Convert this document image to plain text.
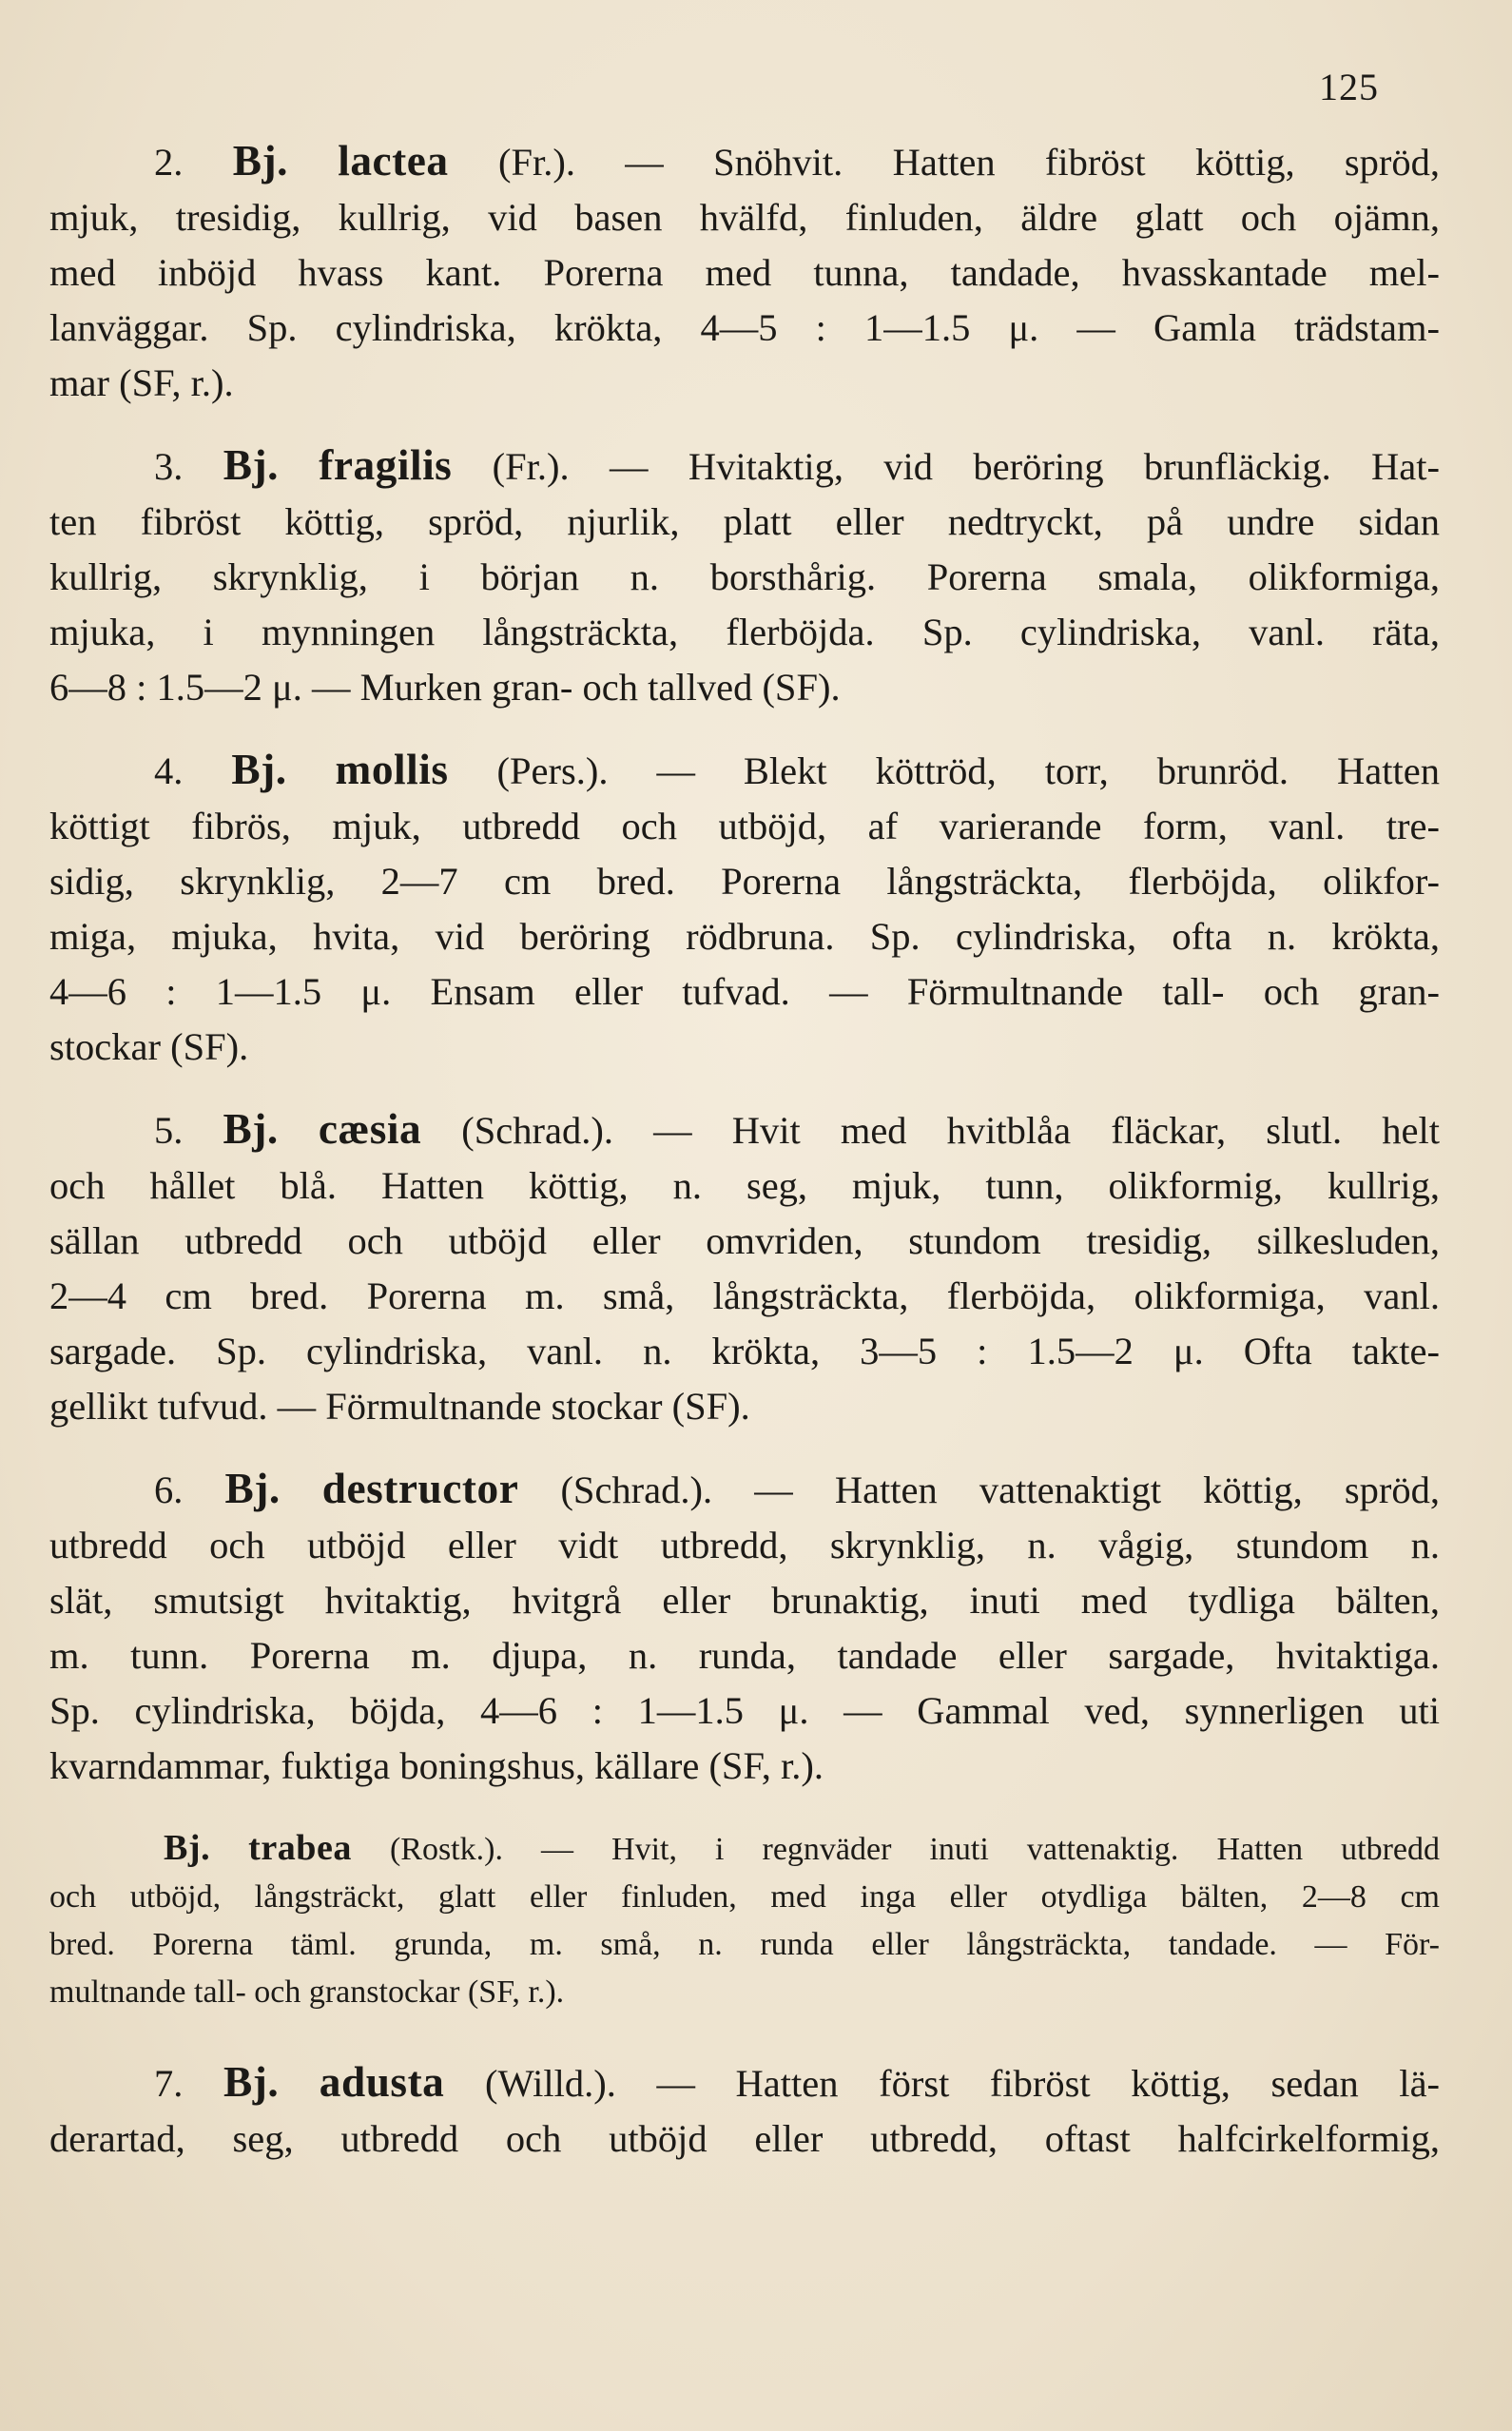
125
2. Bj. lactea (Fr.). — Snöhvit. Hatten fibröst köttig, spröd,
mjuk, tresidig, kullrig, vid basen hvälfd, finluden, äldre glatt och ojämn,
med inböjd hvass kant. Porerna med tunna, tandade, hvasskantade mel-
lanväggar. Sp. cylindriska, krökta, 4—5 : 1—1.5 μ. — Gamla trädstam-
mar (SF, r.).
3. Bj. fragilis (Fr.). — Hvitaktig, vid beröring brunfläckig. Hat-
ten fibröst köttig, spröd, njurlik, platt eller nedtryckt, på undre sidan
kullrig, skrynklig, i början n. borsthårig. Porerna smala, olikformiga,
mjuka, i mynningen långsträckta, flerböjda. Sp. cylindriska, vanl. räta,
6—8 : 1.5—2 μ. — Murken gran- och tallved (SF).
4. Bj. mollis (Pers.). — Blekt köttröd, torr, brunröd. Hatten
köttigt fibrös, mjuk, utbredd och utböjd, af varierande form, vanl. tre-
sidig, skrynklig, 2—7 cm bred. Porerna långsträckta, flerböjda, olikfor-
miga, mjuka, hvita, vid beröring rödbruna. Sp. cylindriska, ofta n. krökta,
4—6 : 1—1.5 μ. Ensam eller tufvad. — Förmultnande tall- och gran-
stockar (SF).
5. Bj. cæsia (Schrad.). — Hvit med hvitblåa fläckar, slutl. helt
och hållet blå. Hatten köttig, n. seg, mjuk, tunn, olikformig, kullrig,
sällan utbredd och utböjd eller omvriden, stundom tresidig, silkesluden,
2—4 cm bred. Porerna m. små, långsträckta, flerböjda, olikformiga, vanl.
sargade. Sp. cylindriska, vanl. n. krökta, 3—5 : 1.5—2 μ. Ofta takte-
gellikt tufvud. — Förmultnande stockar (SF).
6. Bj. destructor (Schrad.). — Hatten vattenaktigt köttig, spröd,
utbredd och utböjd eller vidt utbredd, skrynklig, n. vågig, stundom n.
slät, smutsigt hvitaktig, hvitgrå eller brunaktig, inuti med tydliga bälten,
m. tunn. Porerna m. djupa, n. runda, tandade eller sargade, hvitaktiga.
Sp. cylindriska, böjda, 4—6 : 1—1.5 μ. — Gammal ved, synnerligen uti
kvarndammar, fuktiga boningshus, källare (SF, r.).
Bj. trabea (Rostk.). — Hvit, i regnväder inuti vattenaktig. Hatten utbredd
och utböjd, långsträckt, glatt eller finluden, med inga eller otydliga bälten, 2—8 cm
bred. Porerna täml. grunda, m. små, n. runda eller långsträckta, tandade. — För-
multnande tall- och granstockar (SF, r.).
7. Bj. adusta (Willd.). — Hatten först fibröst köttig, sedan lä-
derartad, seg, utbredd och utböjd eller utbredd, oftast halfcirkelformig,
